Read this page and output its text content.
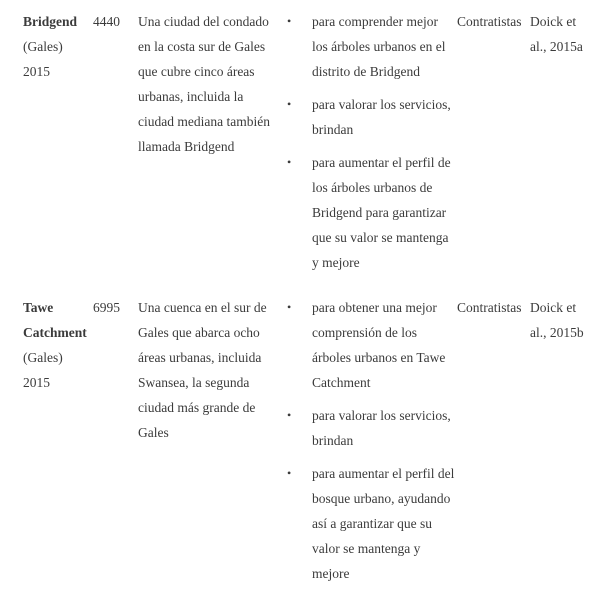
Bridgend (Gales) 2015
4440	Una ciudad del condado en la costa sur de Gales que cubre cinco áreas urbanas, incluida la ciudad mediana también llamada Bridgend
• para comprender mejor los árboles urbanos en el distrito de Bridgend
• para valorar los servicios, brindan
• para aumentar el perfil de los árboles urbanos de Bridgend para garantizar que su valor se mantenga y mejore
Contratistas Doick et al., 2015a
Tawe Catchment (Gales) 2015
6995	Una cuenca en el sur de Gales que abarca ocho áreas urbanas, incluida Swansea, la segunda ciudad más grande de Gales
• para obtener una mejor comprensión de los árboles urbanos en Tawe Catchment
• para valorar los servicios, brindan
• para aumentar el perfil del bosque urbano, ayudando así a garantizar que su valor se mantenga y mejore
Contratistas Doick et al., 2015b
